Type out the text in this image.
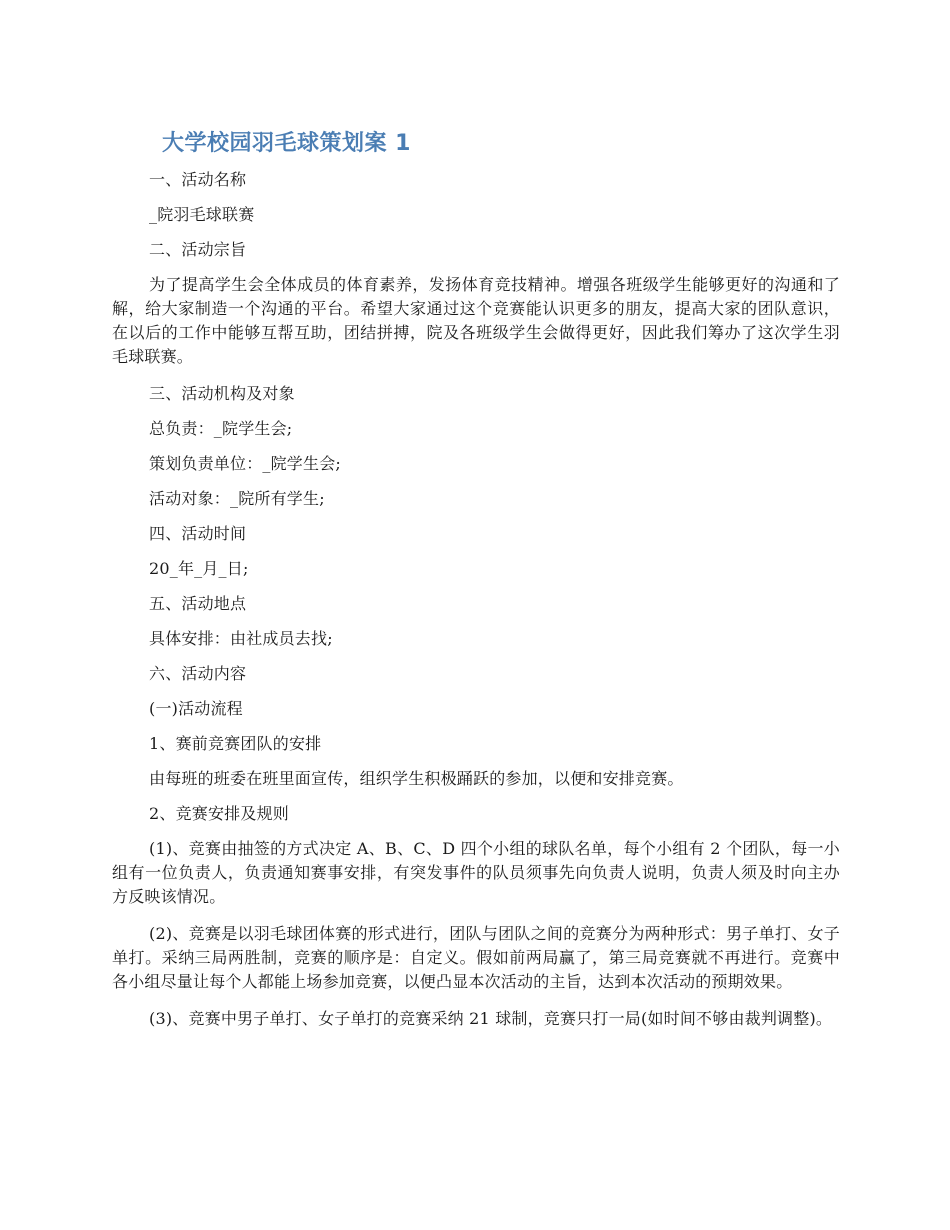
大学校园羽毛球策划案 1

一、活动名称

_院羽毛球联赛

二、活动宗旨

为了提高学生会全体成员的体育素养，发扬体育竞技精神。增强各班级学生能够更好的沟通和了解，给大家制造一个沟通的平台。希望大家通过这个竞赛能认识更多的朋友，提高大家的团队意识，在以后的工作中能够互帮互助，团结拼搏，院及各班级学生会做得更好，因此我们筹办了这次学生羽毛球联赛。

三、活动机构及对象

总负责：_院学生会;

策划负责单位：_院学生会;

活动对象：_院所有学生;

四、活动时间

20_年_月_日;

五、活动地点

具体安排：由社成员去找;

六、活动内容

(一)活动流程

1、赛前竞赛团队的安排

由每班的班委在班里面宣传，组织学生积极踊跃的参加，以便和安排竞赛。

2、竞赛安排及规则

(1)、竞赛由抽签的方式决定 A、B、C、D 四个小组的球队名单，每个小组有 2 个团队，每一小组有一位负责人，负责通知赛事安排，有突发事件的队员须事先向负责人说明，负责人须及时向主办方反映该情况。

(2)、竞赛是以羽毛球团体赛的形式进行，团队与团队之间的竞赛分为两种形式：男子单打、女子单打。采纳三局两胜制，竞赛的顺序是：自定义。假如前两局赢了，第三局竞赛就不再进行。竞赛中各小组尽量让每个人都能上场参加竞赛，以便凸显本次活动的主旨，达到本次活动的预期效果。

(3)、竞赛中男子单打、女子单打的竞赛采纳 21 球制，竞赛只打一局(如时间不够由裁判调整)。
